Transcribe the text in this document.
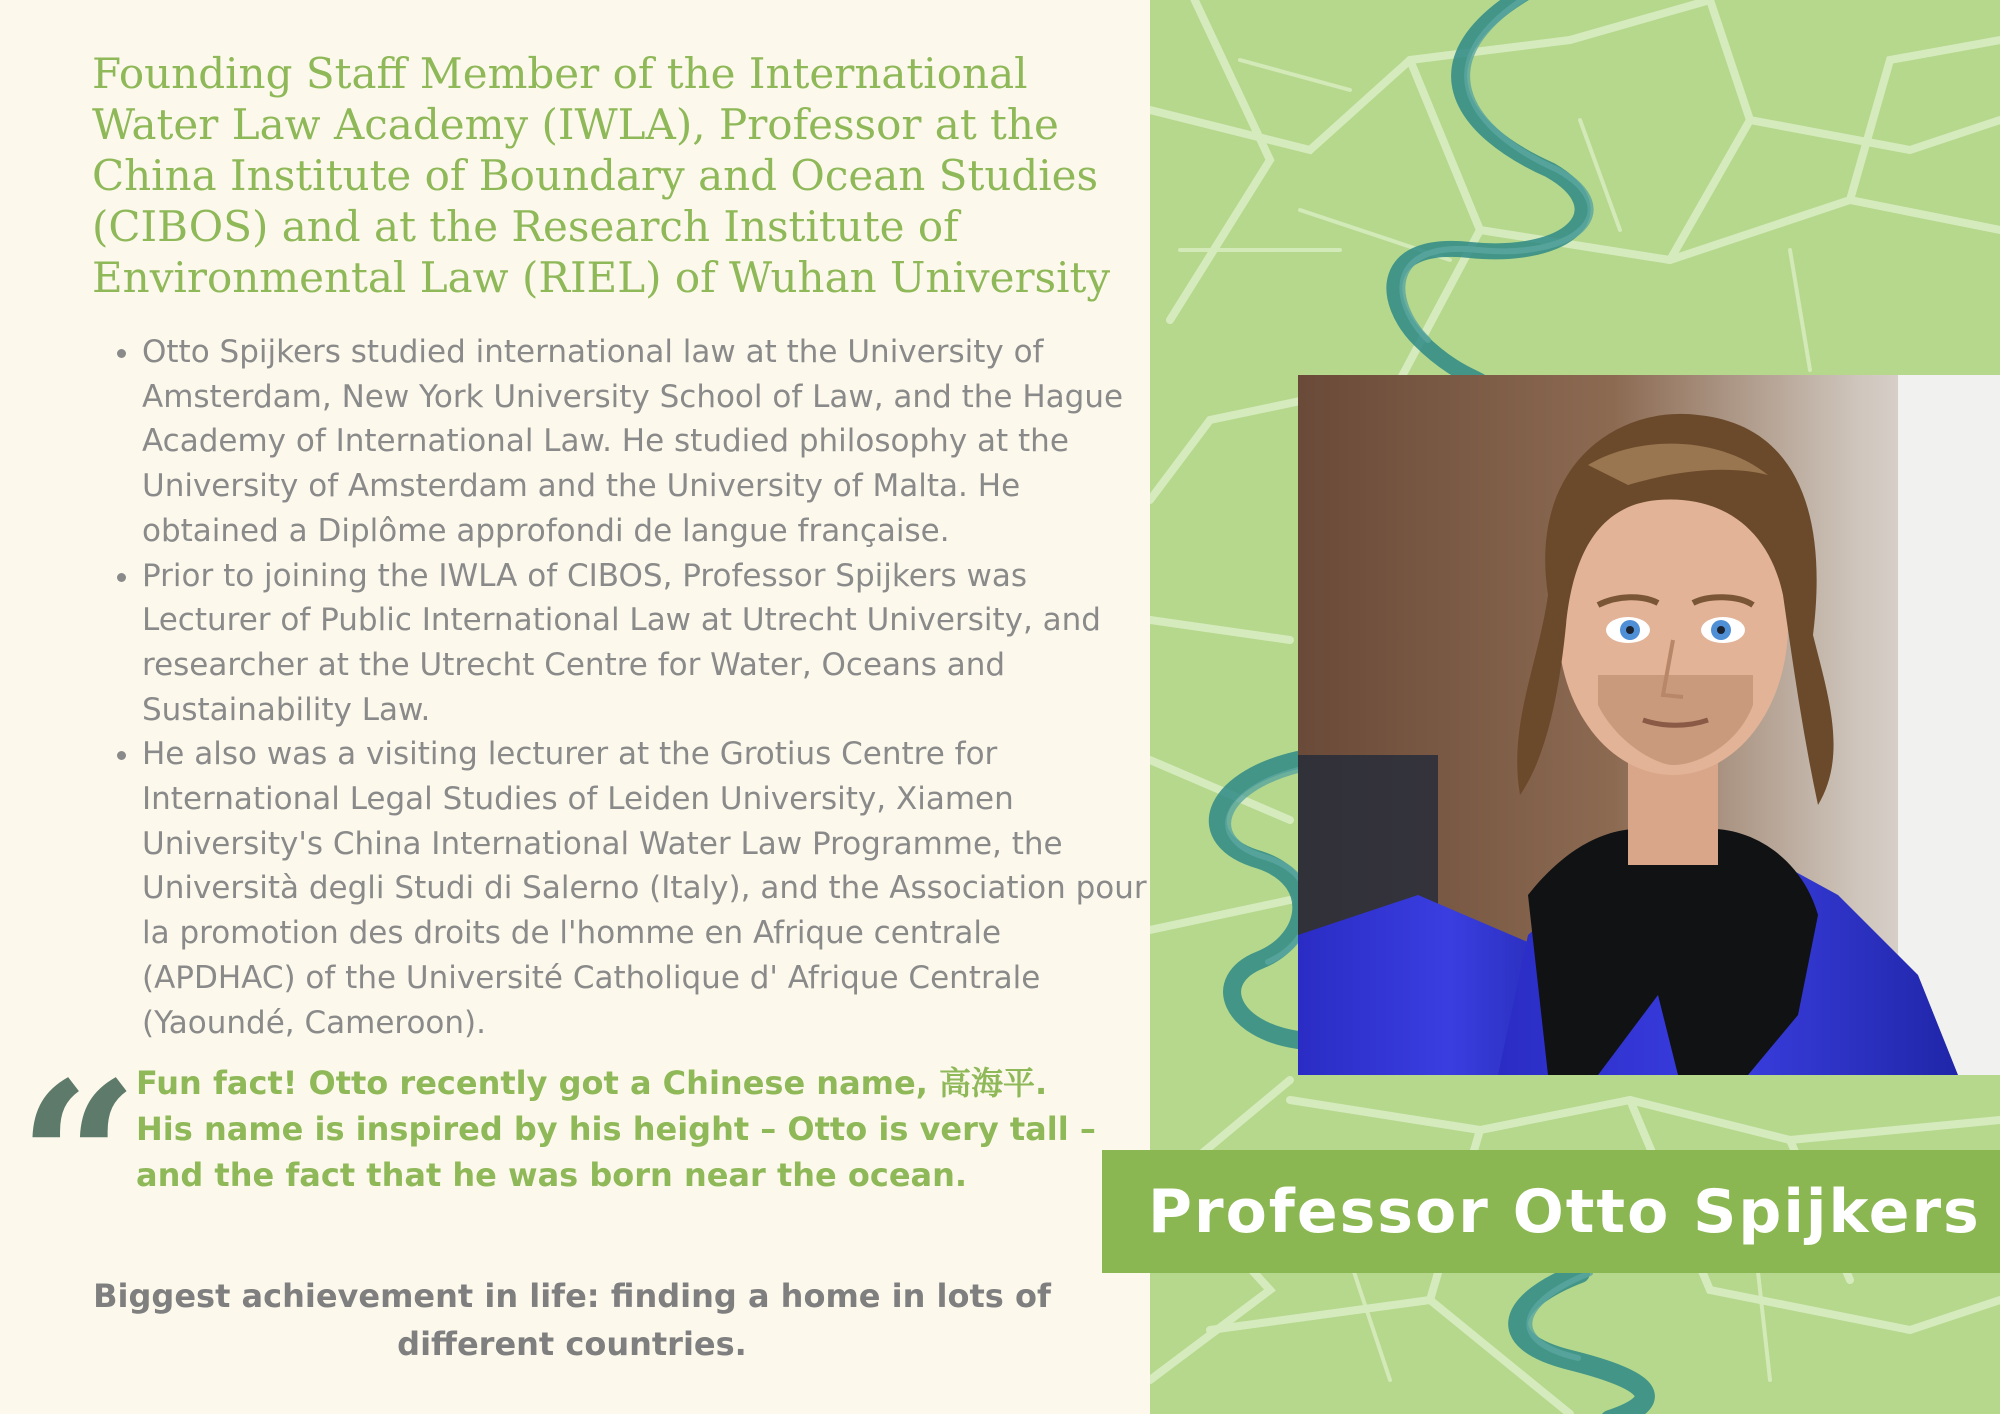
Founding Staff Member of the International Water Law Academy (IWLA), Professor at the China Institute of Boundary and Ocean Studies (CIBOS) and at the Research Institute of Environmental Law (RIEL) of Wuhan University
• Otto Spijkers studied international law at the University of Amsterdam, New York University School of Law, and the Hague Academy of International Law. He studied philosophy at the University of Amsterdam and the University of Malta. He obtained a Diplôme approfondi de langue française.
• Prior to joining the IWLA of CIBOS, Professor Spijkers was Lecturer of Public International Law at Utrecht University, and researcher at the Utrecht Centre for Water, Oceans and Sustainability Law.
• He also was a visiting lecturer at the Grotius Centre for International Legal Studies of Leiden University, Xiamen University's China International Water Law Programme, the Università degli Studi di Salerno (Italy), and the Association pour la promotion des droits de l'homme en Afrique centrale (APDHAC) of the Université Catholique d' Afrique Centrale (Yaoundé, Cameroon).
“

Fun fact! Otto recently got a Chinese name, 高海平. His name is inspired by his height – Otto is very tall – and the fact that he was born near the ocean.

Biggest achievement in life: finding a home in lots of different countries.

Professor Otto Spijkers
